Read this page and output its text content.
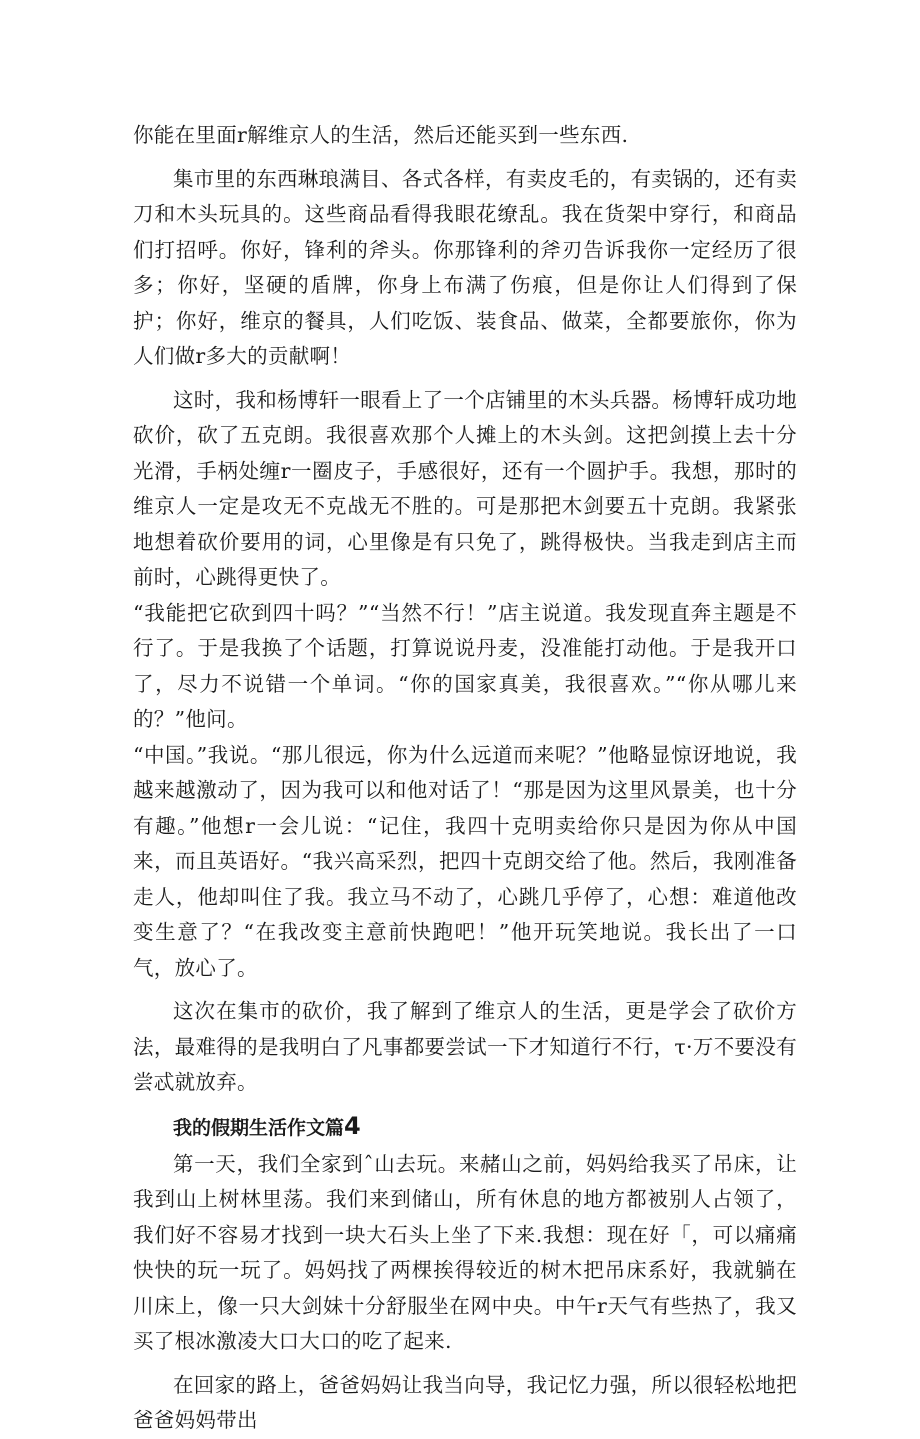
你能在里面r解维京人的生活，然后还能买到一些东西.

集市里的东西琳琅满目、各式各样，有卖皮毛的，有卖锅的，还有卖刀和木头玩具的。这些商品看得我眼花缭乱。我在货架中穿行，和商品们打招呼。你好，锋利的斧头。你那锋利的斧刃告诉我你一定经历了很多；你好，坚硬的盾牌，你身上布满了伤痕，但是你让人们得到了保护；你好，维京的餐具，人们吃饭、装食品、做菜，全都要旅你，你为人们做r多大的贡献啊！

这时，我和杨博轩一眼看上了一个店铺里的木头兵器。杨博轩成功地砍价，砍了五克朗。我很喜欢那个人摊上的木头剑。这把剑摸上去十分光滑，手柄处缠r一圈皮子，手感很好，还有一个圆护手。我想，那时的维京人一定是攻无不克战无不胜的。可是那把木剑要五十克朗。我紧张地想着砍价要用的词，心里像是有只免了，跳得极快。当我走到店主而前时，心跳得更快了。

“我能把它砍到四十吗？”“当然不行！”店主说道。我发现直奔主题是不行了。于是我换了个话题，打算说说丹麦，没准能打动他。于是我开口了，尽力不说错一个单词。“你的国家真美，我很喜欢。”“你从哪儿来的？”他问。

“中国。”我说。“那儿很远，你为什么远道而来呢？”他略显惊讶地说，我越来越激动了，因为我可以和他对话了！“那是因为这里风景美，也十分有趣。”他想r一会儿说：“记住，我四十克明卖给你只是因为你从中国来，而且英语好。“我兴高采烈，把四十克朗交给了他。然后，我刚准备走人，他却叫住了我。我立马不动了，心跳几乎停了，心想：难道他改变生意了？“在我改变主意前快跑吧！”他开玩笑地说。我长出了一口气，放心了。

这次在集市的砍价，我了解到了维京人的生活，更是学会了砍价方法，最难得的是我明白了凡事都要尝试一下才知道行不行，τ·万不要没有尝忒就放弃。

我的假期生活作文篇4

第一天，我们全家到ˆ山去玩。来赭山之前，妈妈给我买了吊床，让我到山上树林里荡。我们来到储山，所有休息的地方都被别人占领了，我们好不容易才找到一块大石头上坐了下来.我想：现在好「，可以痛痛快快的玩一玩了。妈妈找了两棵挨得较近的树木把吊床系好，我就躺在川床上，像一只大剑妹十分舒服坐在网中央。中午r天气有些热了，我又买了根冰激凌大口大口的吃了起来.

在回家的路上，爸爸妈妈让我当向导，我记忆力强，所以很轻松地把爸爸妈妈带出
